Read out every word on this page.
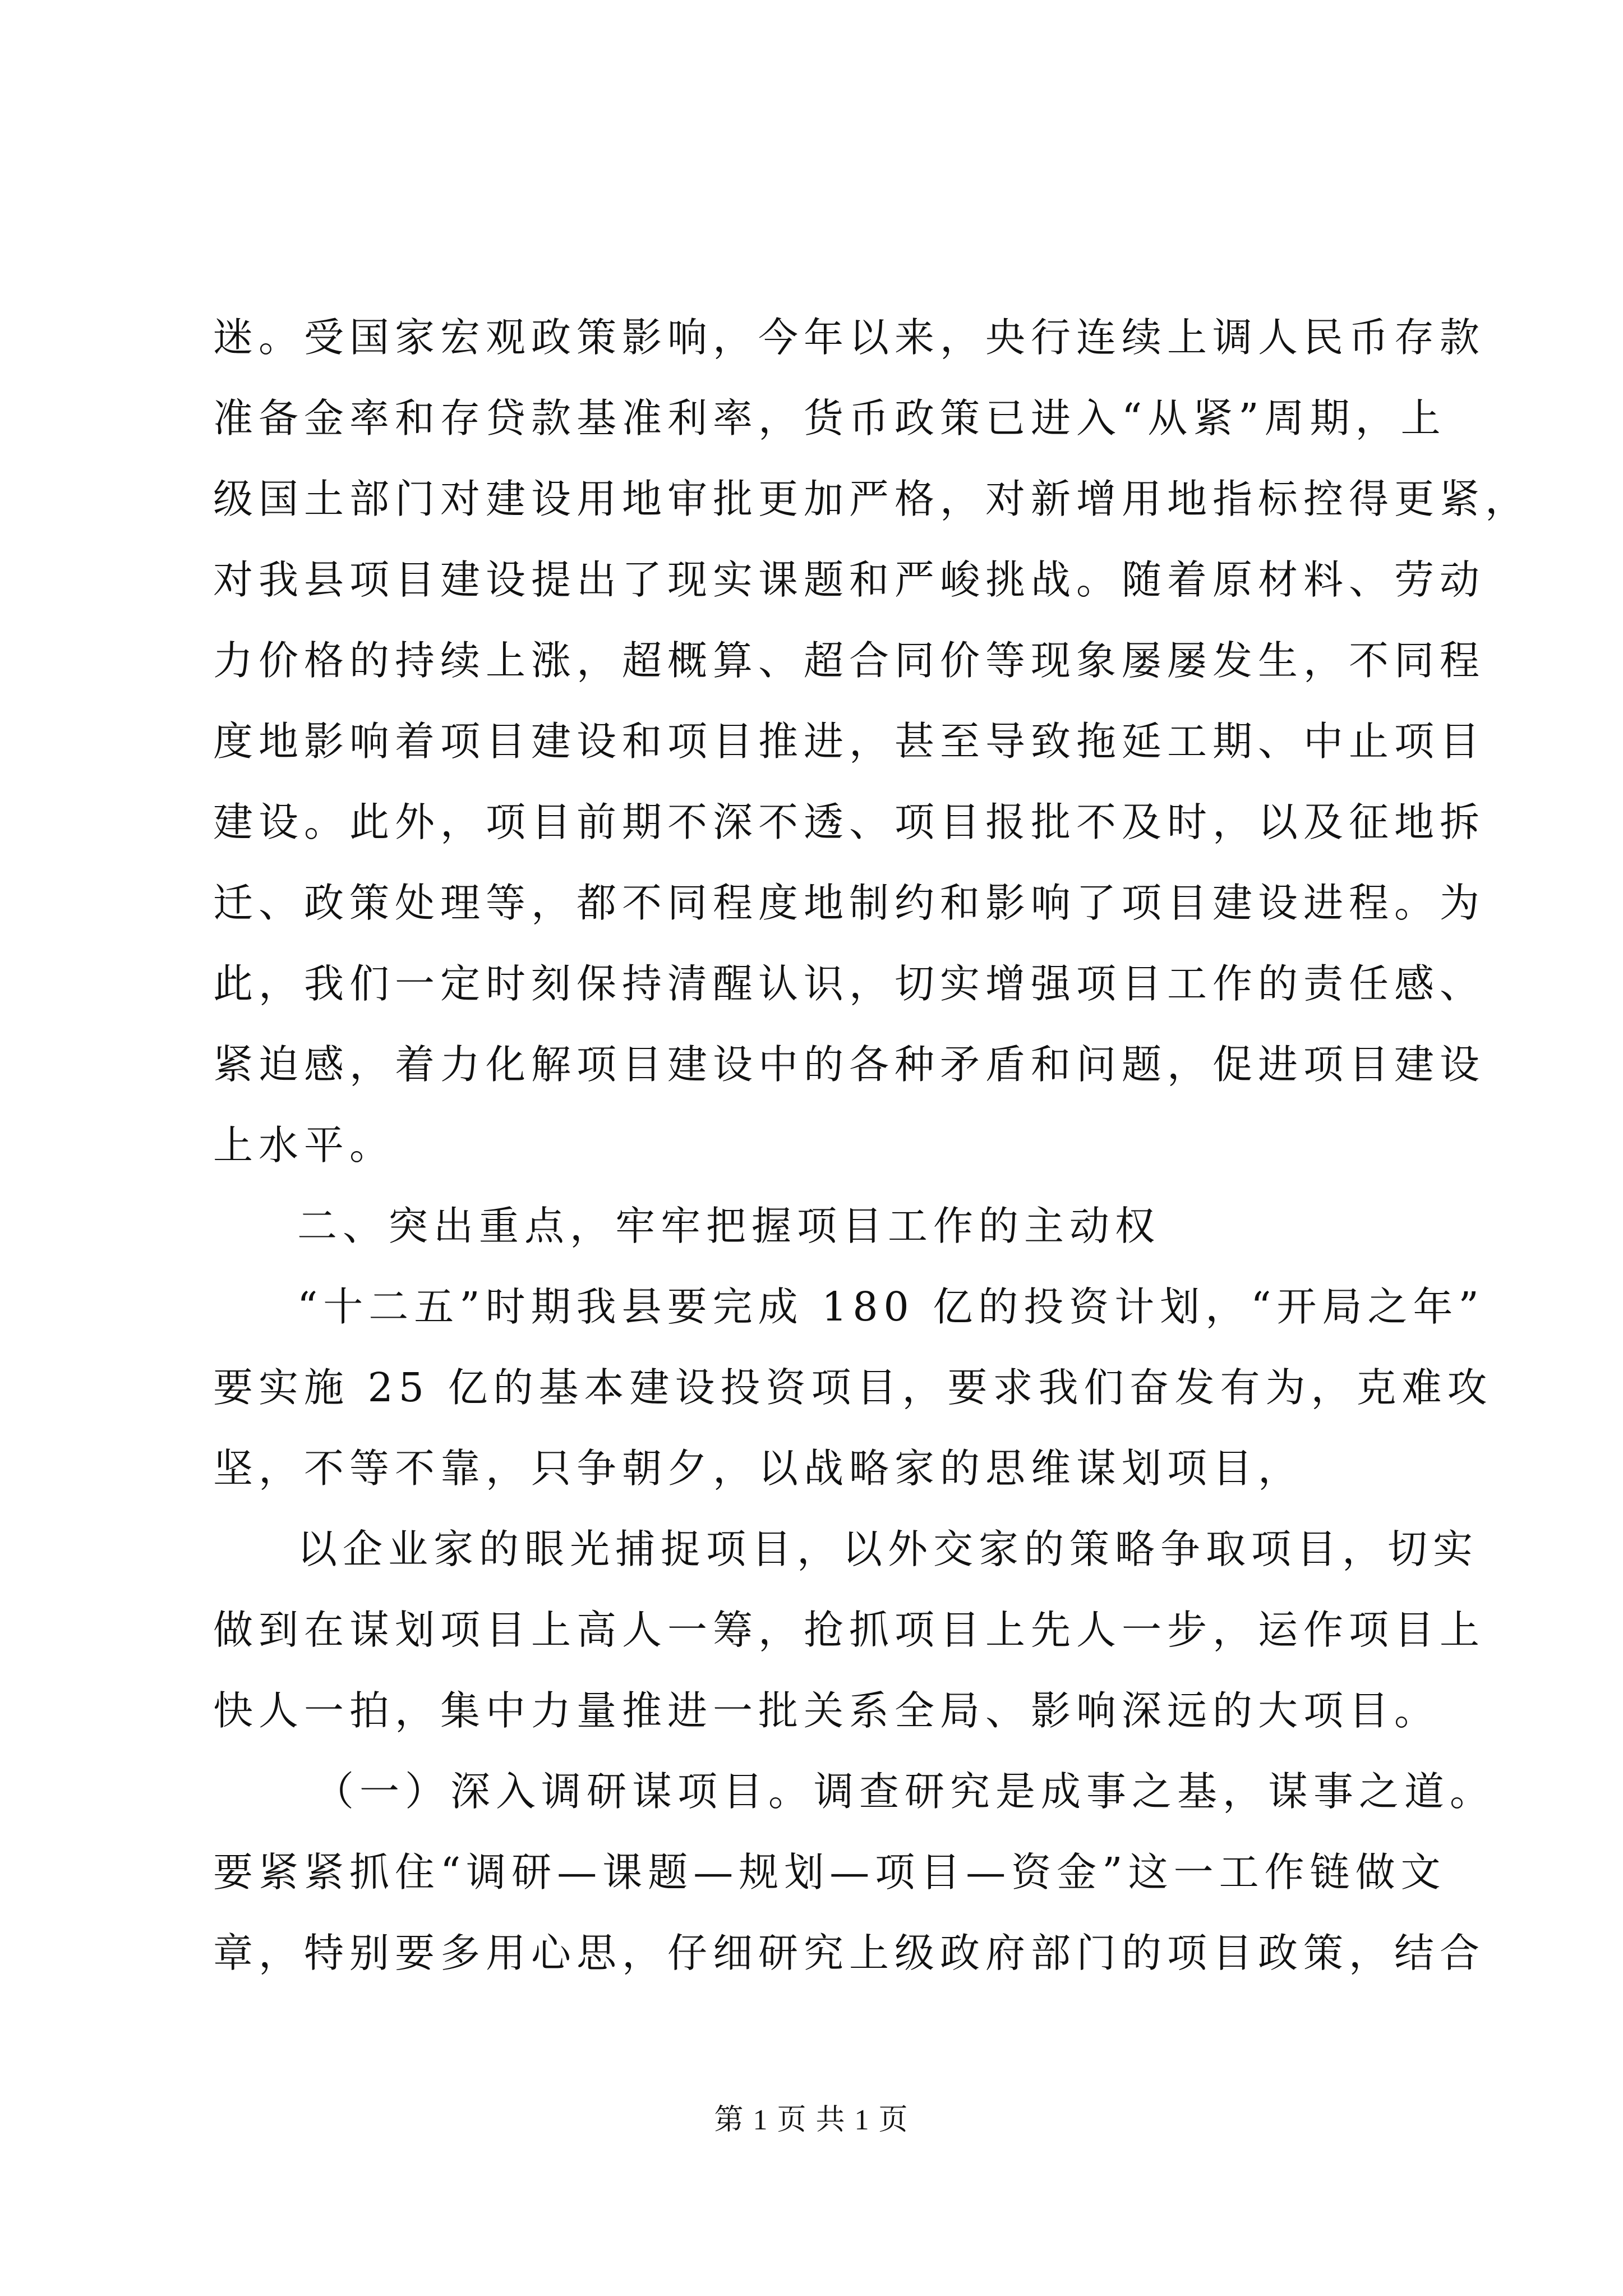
迷。受国家宏观政策影响，今年以来，央行连续上调人民币存款
准备金率和存贷款基准利率，货币政策已进入“从紧”周期，上
级国土部门对建设用地审批更加严格，对新增用地指标控得更紧，
对我县项目建设提出了现实课题和严峻挑战。随着原材料、劳动
力价格的持续上涨，超概算、超合同价等现象屡屡发生，不同程
度地影响着项目建设和项目推进，甚至导致拖延工期、中止项目
建设。此外，项目前期不深不透、项目报批不及时，以及征地拆
迁、政策处理等，都不同程度地制约和影响了项目建设进程。为
此，我们一定时刻保持清醒认识，切实增强项目工作的责任感、
紧迫感，着力化解项目建设中的各种矛盾和问题，促进项目建设
上水平。
二、突出重点，牢牢把握项目工作的主动权
“十二五”时期我县要完成 180 亿的投资计划，“开局之年”
要实施 25 亿的基本建设投资项目，要求我们奋发有为，克难攻
坚，不等不靠，只争朝夕，以战略家的思维谋划项目，
以企业家的眼光捕捉项目，以外交家的策略争取项目，切实
做到在谋划项目上高人一筹，抢抓项目上先人一步，运作项目上
快人一拍，集中力量推进一批关系全局、影响深远的大项目。
（一）深入调研谋项目。调查研究是成事之基，谋事之道。
要紧紧抓住“调研—课题—规划—项目—资金”这一工作链做文
章，特别要多用心思，仔细研究上级政府部门的项目政策，结合
第 1 页 共 1 页
